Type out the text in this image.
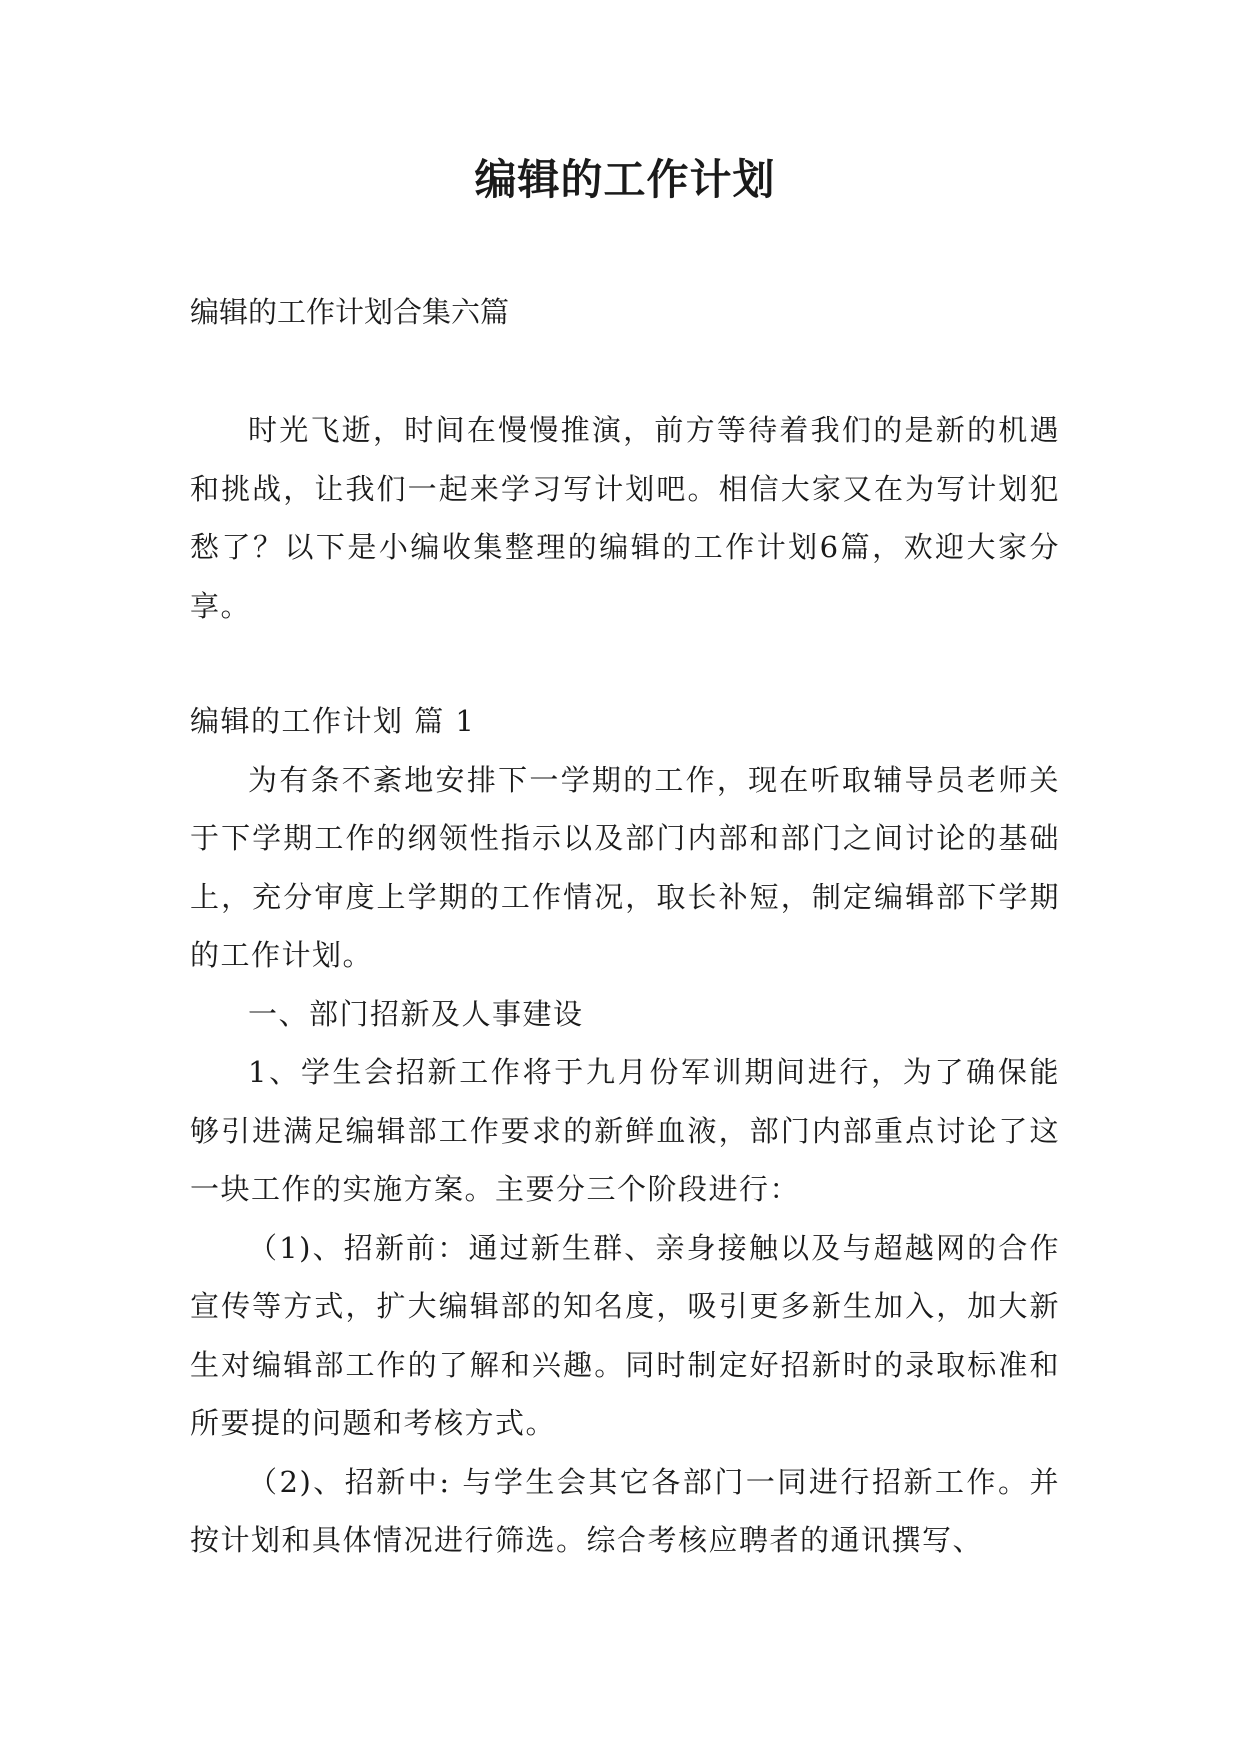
编辑的工作计划

编辑的工作计划合集六篇

时光飞逝，时间在慢慢推演，前方等待着我们的是新的机遇和挑战，让我们一起来学习写计划吧。相信大家又在为写计划犯愁了？以下是小编收集整理的编辑的工作计划6篇，欢迎大家分享。

编辑的工作计划 篇 1

为有条不紊地安排下一学期的工作，现在听取辅导员老师关于下学期工作的纲领性指示以及部门内部和部门之间讨论的基础上，充分审度上学期的工作情况，取长补短，制定编辑部下学期的工作计划。

一、部门招新及人事建设

1、学生会招新工作将于九月份军训期间进行，为了确保能够引进满足编辑部工作要求的新鲜血液，部门内部重点讨论了这一块工作的实施方案。主要分三个阶段进行：

（1)、招新前：通过新生群、亲身接触以及与超越网的合作宣传等方式，扩大编辑部的知名度，吸引更多新生加入，加大新生对编辑部工作的了解和兴趣。同时制定好招新时的录取标准和所要提的问题和考核方式。

（2)、招新中: 与学生会其它各部门一同进行招新工作。并按计划和具体情况进行筛选。综合考核应聘者的通讯撰写、
